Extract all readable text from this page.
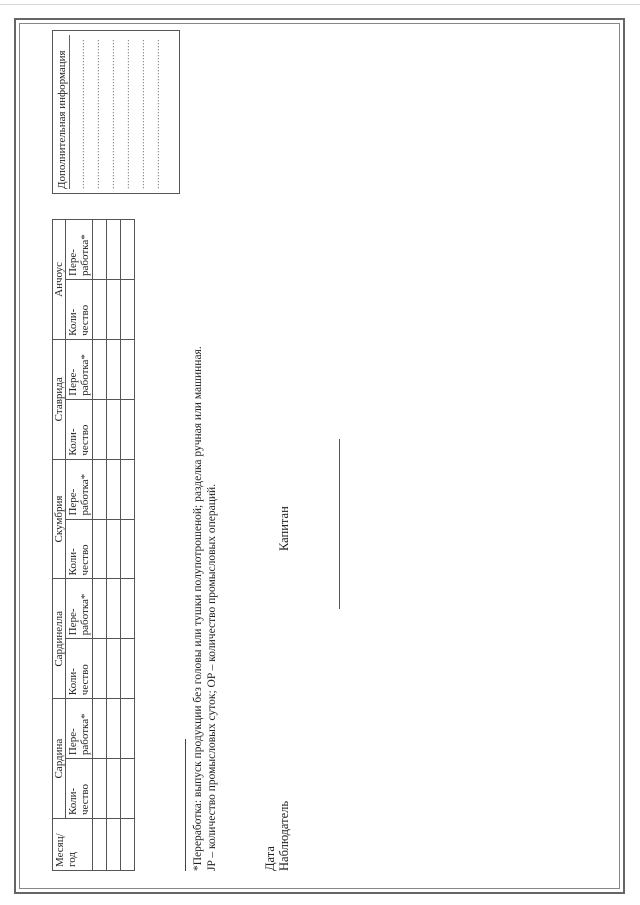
Месяц/ год	Сардина		Сардинелла		Скумбрия		Ставрида		Анчоус	
	Коли- чество	Пере- работка*	Коли- чество	Пере- работка*	Коли- чество	Пере- работка*	Коли- чество	Пере- работка*	Коли- чество	Пере- работка*

Дополнительная информация .................................................. .................................................. .................................................. .................................................. .................................................. ..................................................
*Переработка: выпуск продукции без головы или тушки полупотрошеной; разделка ручная или машинная. JP – количество промысловых суток; OP – количество промысловых операций.	Дата Наблюдатель
Капитан
